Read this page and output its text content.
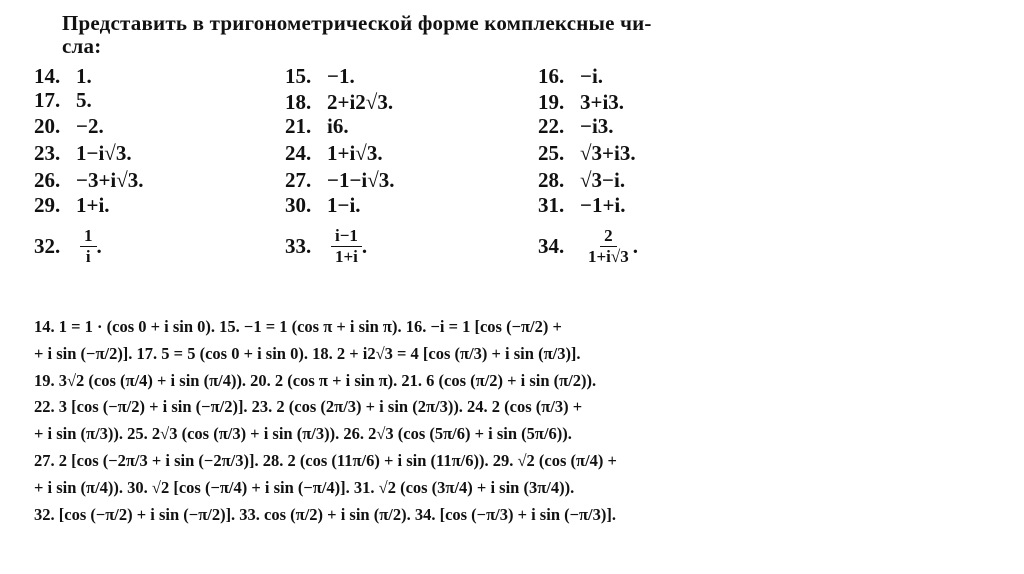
Представить в тригонометрической форме комплексные чи-
сла:
14. 1.	15. −1.	16. −i.
17. 5.	18. 2+i2√3.	19. 3+i3.
20. −2.	21. i6.	22. −i3.
23. 1−i√3.	24. 1+i√3.	25. √3+i3.
26. −3+i√3.	27. −1−i√3.	28. √3−i.
29. 1+i.	30. 1−i.	31. −1+i.
32.	$\frac{1}{i}$ .	33.	$\frac{i-1}{1+i}$ .	34.	$\frac{2}{1+i√3}$ .
14. 1 = 1 · (cos 0 + i sin 0). 15. −1 = 1 (cos π + i sin π). 16. −i = 1 [cos (−π/2) +
+ i sin (−π/2)]. 17. 5 = 5 (cos 0 + i sin 0). 18. 2 + i2√3 = 4 [cos (π/3) + i sin (π/3)].
19. 3√2 (cos (π/4) + i sin (π/4)). 20. 2 (cos π + i sin π). 21. 6 (cos (π/2) + i sin (π/2)).
22. 3 [cos (−π/2) + i sin (−π/2)]. 23. 2 (cos (2π/3) + i sin (2π/3)). 24. 2 (cos (π/3) +
+ i sin (π/3)). 25. 2√3 (cos (π/3) + i sin (π/3)). 26. 2√3 (cos (5π/6) + i sin (5π/6)).
27. 2 [cos (−2π/3 + i sin (−2π/3)]. 28. 2 (cos (11π/6) + i sin (11π/6)). 29. √2 (cos (π/4) +
+ i sin (π/4)). 30. √2 [cos (−π/4) + i sin (−π/4)]. 31. √2 (cos (3π/4) + i sin (3π/4)).
32. [cos (−π/2) + i sin (−π/2)]. 33. cos (π/2) + i sin (π/2). 34. [cos (−π/3) + i sin (−π/3)].
